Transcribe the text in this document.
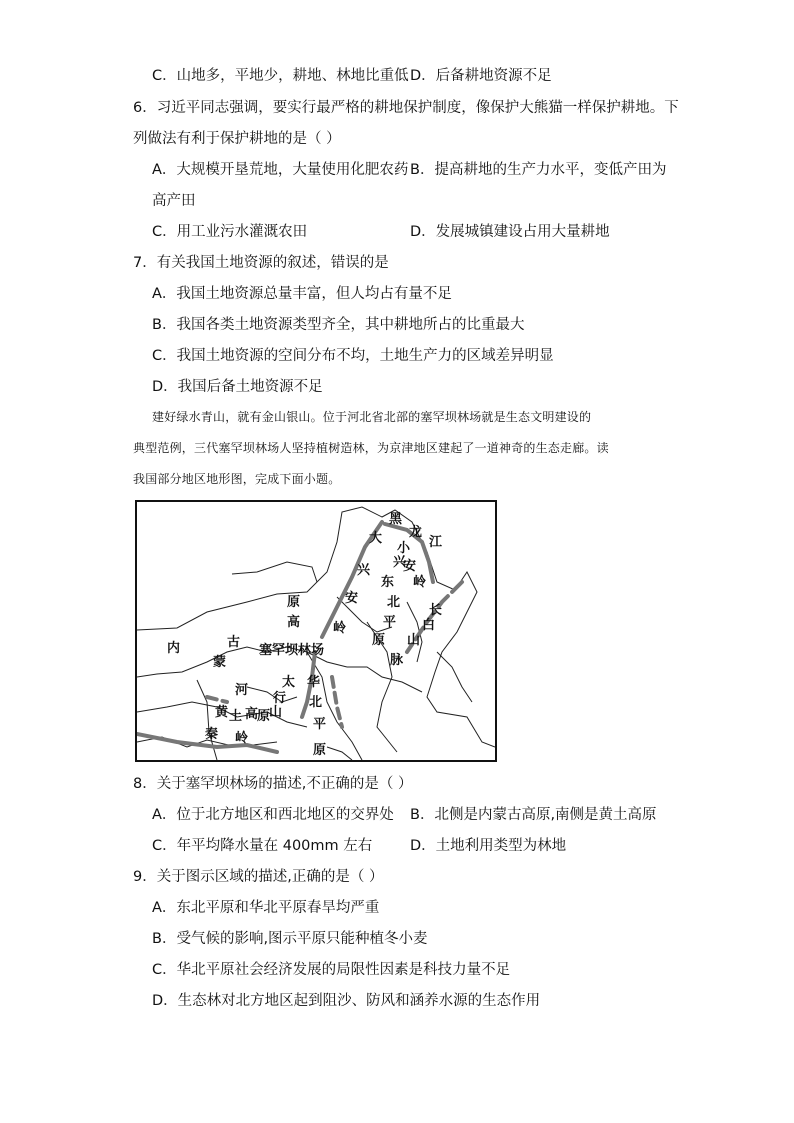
C．山地多，平地少，耕地、林地比重低 D．后备耕地资源不足
6．习近平同志强调，要实行最严格的耕地保护制度，像保护大熊猫一样保护耕地。下
列做法有利于保护耕地的是（ ）
A．大规模开垦荒地，大量使用化肥农药 B．提高耕地的生产力水平，变低产田为
高产田
C．用工业污水灌溉农田	D．发展城镇建设占用大量耕地
7．有关我国土地资源的叙述，错误的是
A．我国土地资源总量丰富，但人均占有量不足
B．我国各类土地资源类型齐全，其中耕地所占的比重最大
C．我国土地资源的空间分布不均，土地生产力的区域差异明显
D．我国后备土地资源不足
建好绿水青山，就有金山银山。位于河北省北部的塞罕坝林场就是生态文明建设的
典型范例，三代塞罕坝林场人坚持植树造林，为京津地区建起了一道神奇的生态走廊。读
我国部分地区地形图，完成下面小题。
黑
龙
江
大
兴
安
岭
小
兴
安
岭
东
北
平
原
长
白
山
脉
内
蒙
古
高
原
塞罕坝林场
太
行
山
华
北
平
原
黄 土 高
原
河
秦 岭
8．关于塞罕坝林场的描述,不正确的是（ ）
A．位于北方地区和西北地区的交界处 B．北侧是内蒙古高原,南侧是黄土高原
C．年平均降水量在 400mm 左右	D．土地利用类型为林地
9．关于图示区域的描述,正确的是（ ）
A．东北平原和华北平原春旱均严重
B．受气候的影响,图示平原只能种植冬小麦
C．华北平原社会经济发展的局限性因素是科技力量不足
D．生态林对北方地区起到阻沙、防风和涵养水源的生态作用
